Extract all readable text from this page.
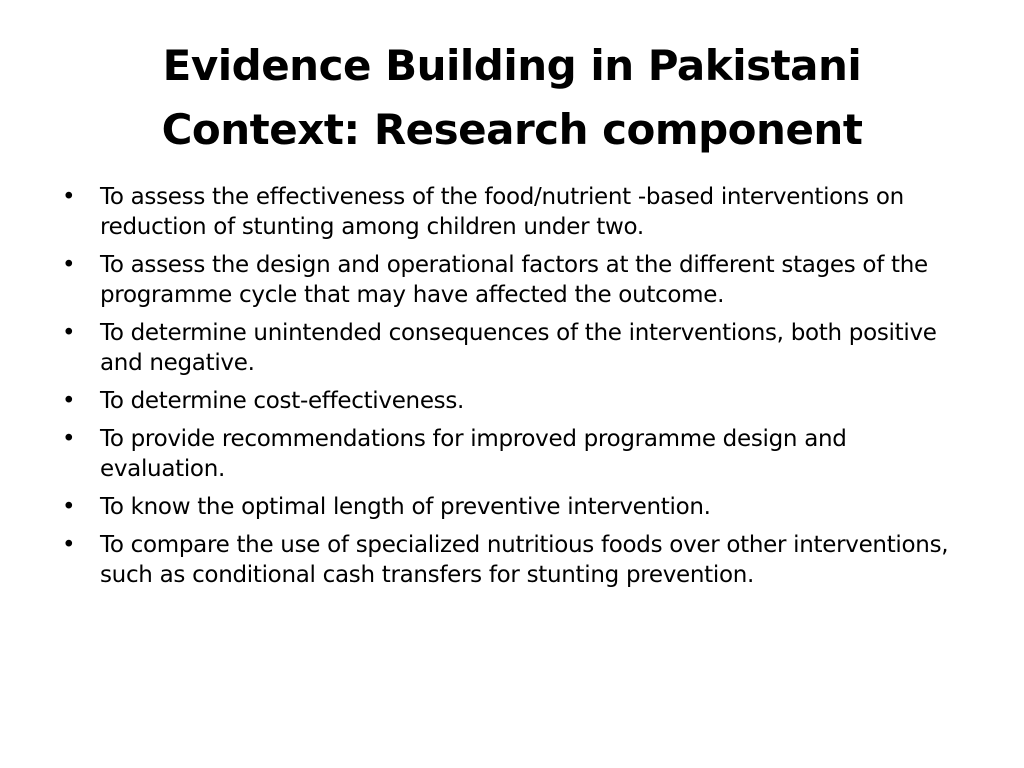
Evidence Building in Pakistani
Context: Research component
• To assess the effectiveness of the food/nutrient -based interventions on reduction of stunting among children under two.
• To assess the design and operational factors at the different stages of the programme cycle that may have affected the outcome.
• To determine unintended consequences of the interventions, both positive and negative.
• To determine cost-effectiveness.
• To provide recommendations for improved programme design and evaluation.
• To know the optimal length of preventive intervention.
• To compare the use of specialized nutritious foods over other interventions, such as conditional cash transfers for stunting prevention.
